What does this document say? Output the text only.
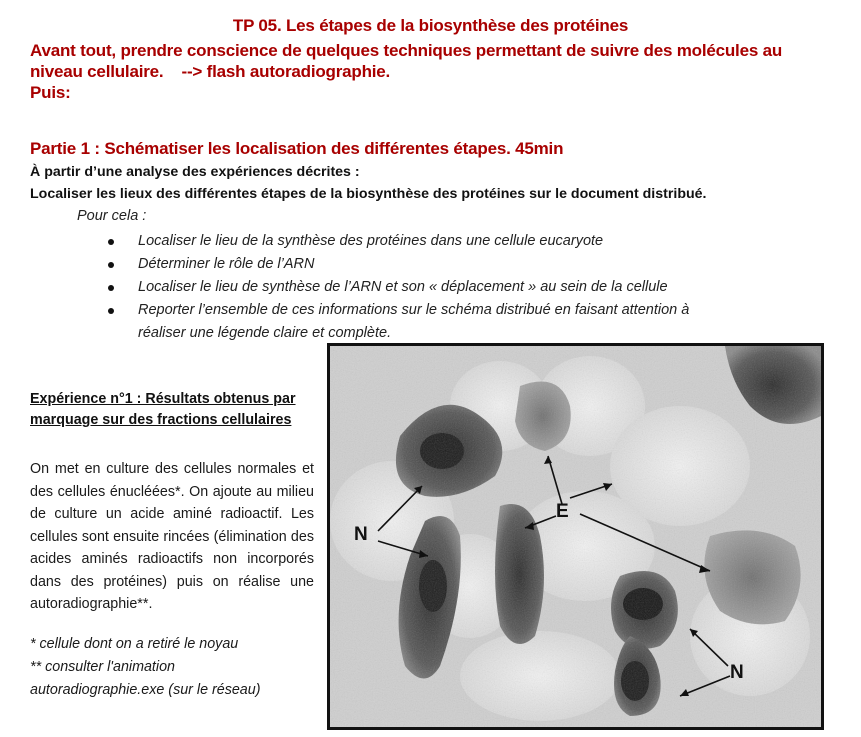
TP 05. Les étapes de la biosynthèse des protéines
Avant tout, prendre conscience de quelques techniques permettant de suivre des molécules au
niveau cellulaire.    --> flash autoradiographie.
Puis:
Partie 1 : Schématiser les localisation des différentes étapes. 45min
À partir d’une analyse des expériences décrites :
Localiser les lieux des différentes étapes de la biosynthèse des protéines sur le document distribué.
Pour cela :
Localiser le lieu de la synthèse des protéines dans une cellule eucaryote
Déterminer le rôle de l’ARN
Localiser le lieu de synthèse de l’ARN et son « déplacement » au sein de la cellule
Reporter l’ensemble de ces informations sur le schéma distribué en faisant attention à
réaliser une légende claire et complète.
Expérience n°1 : Résultats obtenus par marquage sur des fractions cellulaires
On met en culture des cellules normales et des cellules énucléées*. On ajoute au milieu de culture un acide aminé radioactif. Les cellules sont ensuite rincées (élimination des acides aminés radioactifs non incorporés dans des protéines) puis on réalise une autoradiographie**.
* cellule dont on a retiré le noyau
** consulter l'animation
autoradiographie.exe (sur le réseau)
N
E
N
